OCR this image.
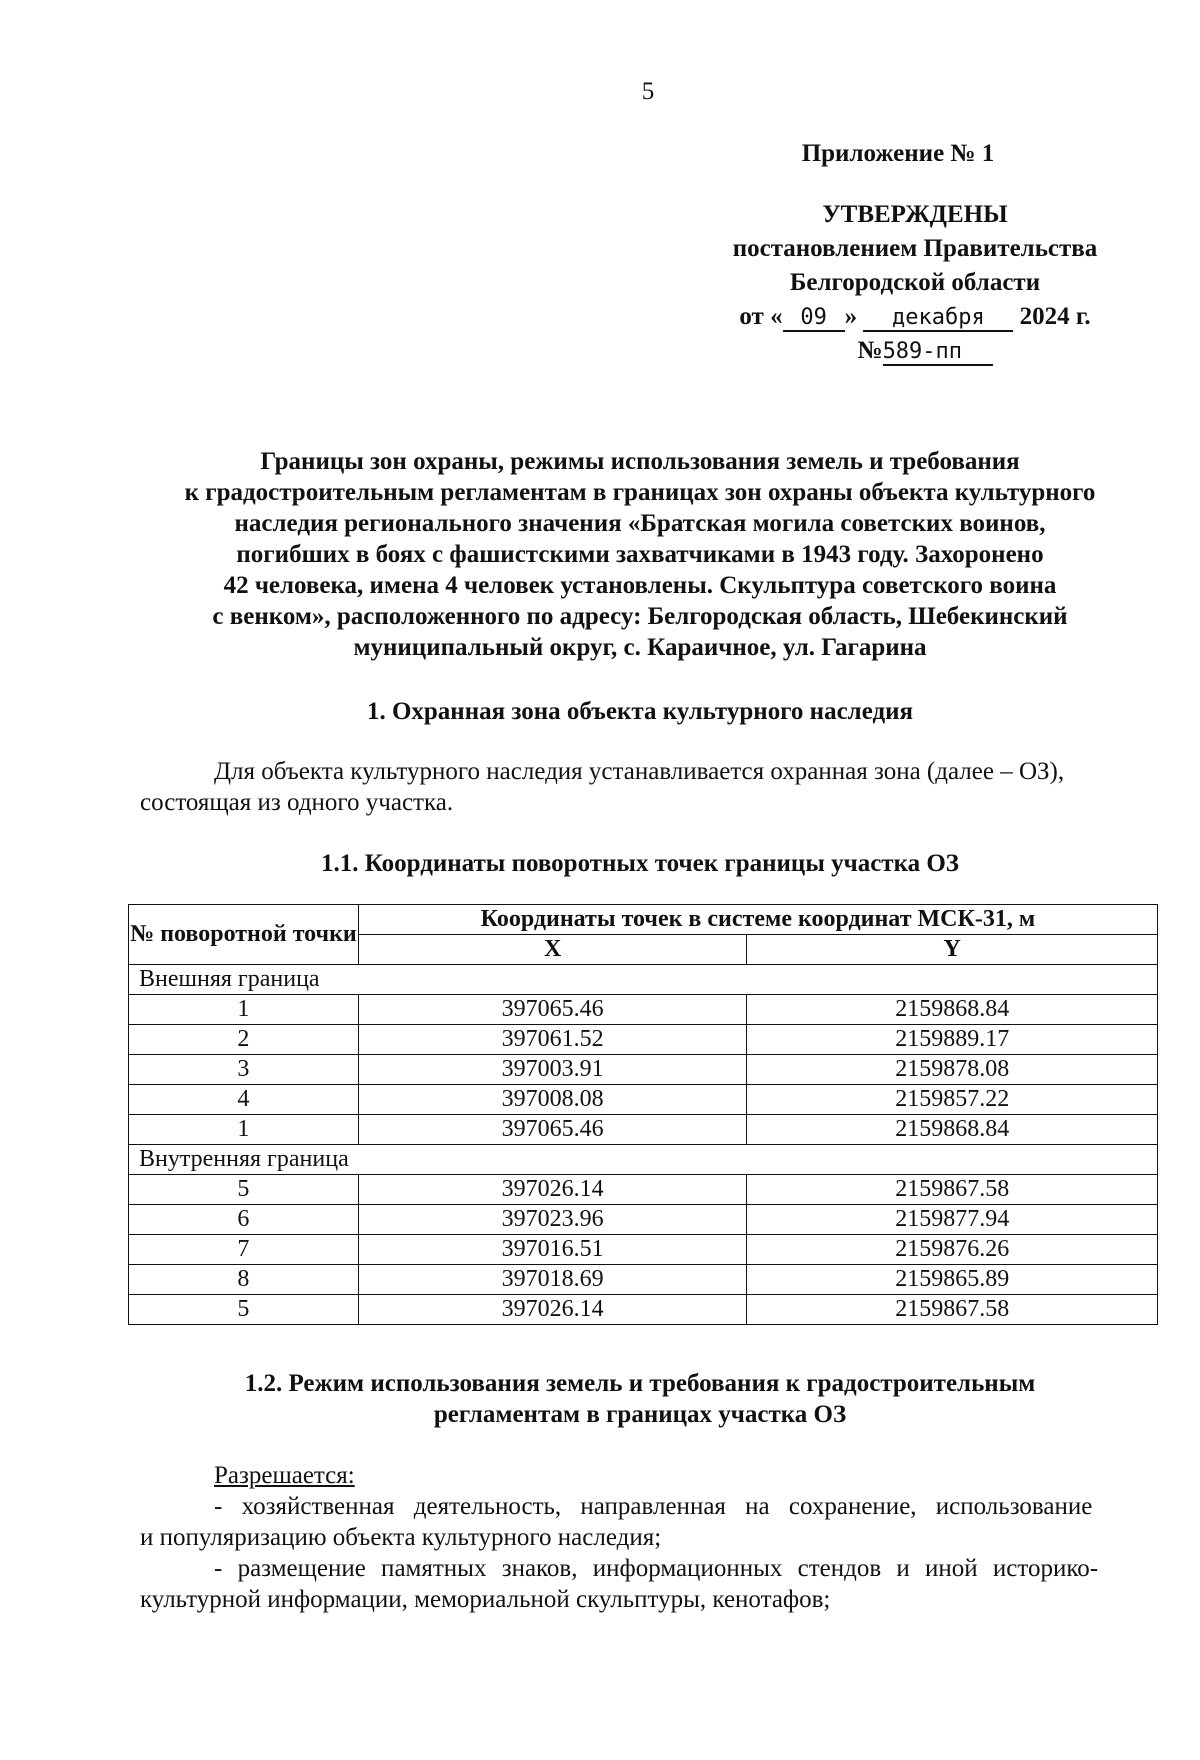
5
Приложение № 1
УТВЕРЖДЕНЫ
постановлением Правительства
Белгородской области
от « 09 » декабря 2024 г.
№589-пп
Границы зон охраны, режимы использования земель и требования
к градостроительным регламентам в границах зон охраны объекта культурного
наследия регионального значения «Братская могила советских воинов,
погибших в боях с фашистскими захватчиками в 1943 году. Захоронено
42 человека, имена 4 человек установлены. Скульптура советского воина
с венком», расположенного по адресу: Белгородская область, Шебекинский
муниципальный округ, с. Караичное, ул. Гагарина
1. Охранная зона объекта культурного наследия
Для объекта культурного наследия устанавливается охранная зона (далее – ОЗ),
состоящая из одного участка.
1.1. Координаты поворотных точек границы участка ОЗ
№ поворотной точки	Координаты точек в системе координат МСК-31, м	
	X	Y
Внешняя граница		
1	397065.46	2159868.84
2	397061.52	2159889.17
3	397003.91	2159878.08
4	397008.08	2159857.22
1	397065.46	2159868.84
Внутренняя граница		
5	397026.14	2159867.58
6	397023.96	2159877.94
7	397016.51	2159876.26
8	397018.69	2159865.89
5	397026.14	2159867.58
1.2. Режим использования земель и требования к градостроительным
регламентам в границах участка ОЗ
Разрешается:
- хозяйственная деятельность, направленная на сохранение, использование
и популяризацию объекта культурного наследия;
- размещение памятных знаков, информационных стендов и иной историко-
культурной информации, мемориальной скульптуры, кенотафов;
